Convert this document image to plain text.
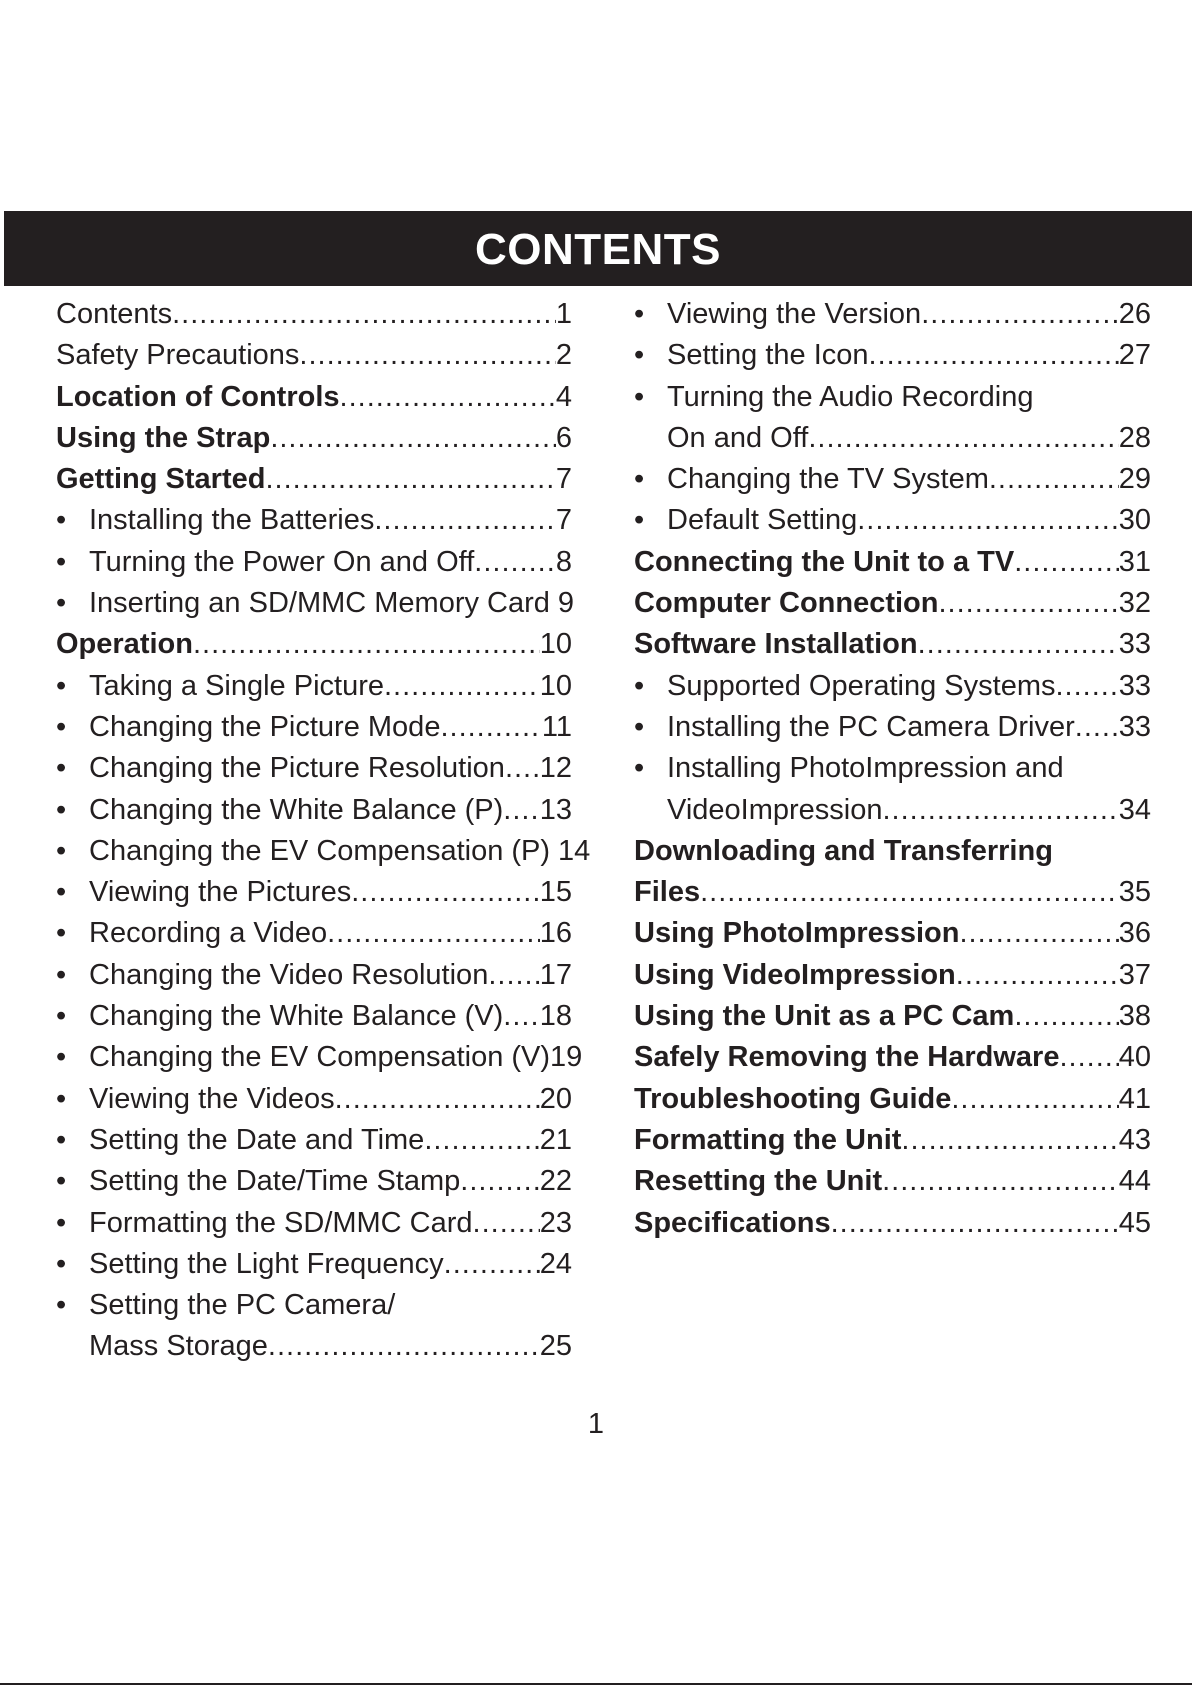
CONTENTS
Contents .....	1
Safety Precautions .....	2
Location of Controls .....	4
Using the Strap .....	6
Getting Started .....	7
• Installing the Batteries .....	7
• Turning the Power On and Off .....	8
• Inserting an SD/MMC Memory Card 9
Operation .....	10
• Taking a Single Picture .....	10
• Changing the Picture Mode .....	11
• Changing the Picture Resolution ..... 12
• Changing the White Balance (P) ..... 13
• Changing the EV Compensation (P) 14
• Viewing the Pictures .....	15
• Recording a Video .....	16
• Changing the Video Resolution ..... 17
• Changing the White Balance (V) ..... 18
• Changing the EV Compensation (V) 19
• Viewing the Videos .....	20
• Setting the Date and Time .....	21
• Setting the Date/Time Stamp .....	22
• Formatting the SD/MMC Card ..... 23
• Setting the Light Frequency .....	24
• Setting the PC Camera/
Mass Storage .....	25
• Viewing the Version .....	26
• Setting the Icon .....	27
• Turning the Audio Recording
On and Off .....	28
• Changing the TV System .....	29
• Default Setting .....	30
Connecting the Unit to a TV .....	31
Computer Connection .....	32
Software Installation .....	33
• Supported Operating Systems ..... 33
• Installing the PC Camera Driver ..... 33
• Installing PhotoImpression and
VideoImpression .....	34
Downloading and Transferring
Files .....	35
Using PhotoImpression .....	36
Using VideoImpression .....	37
Using the Unit as a PC Cam .....	38
Safely Removing the Hardware ..... 40
Troubleshooting Guide .....	41
Formatting the Unit .....	43
Resetting the Unit .....	44
Specifications .....	45
1
